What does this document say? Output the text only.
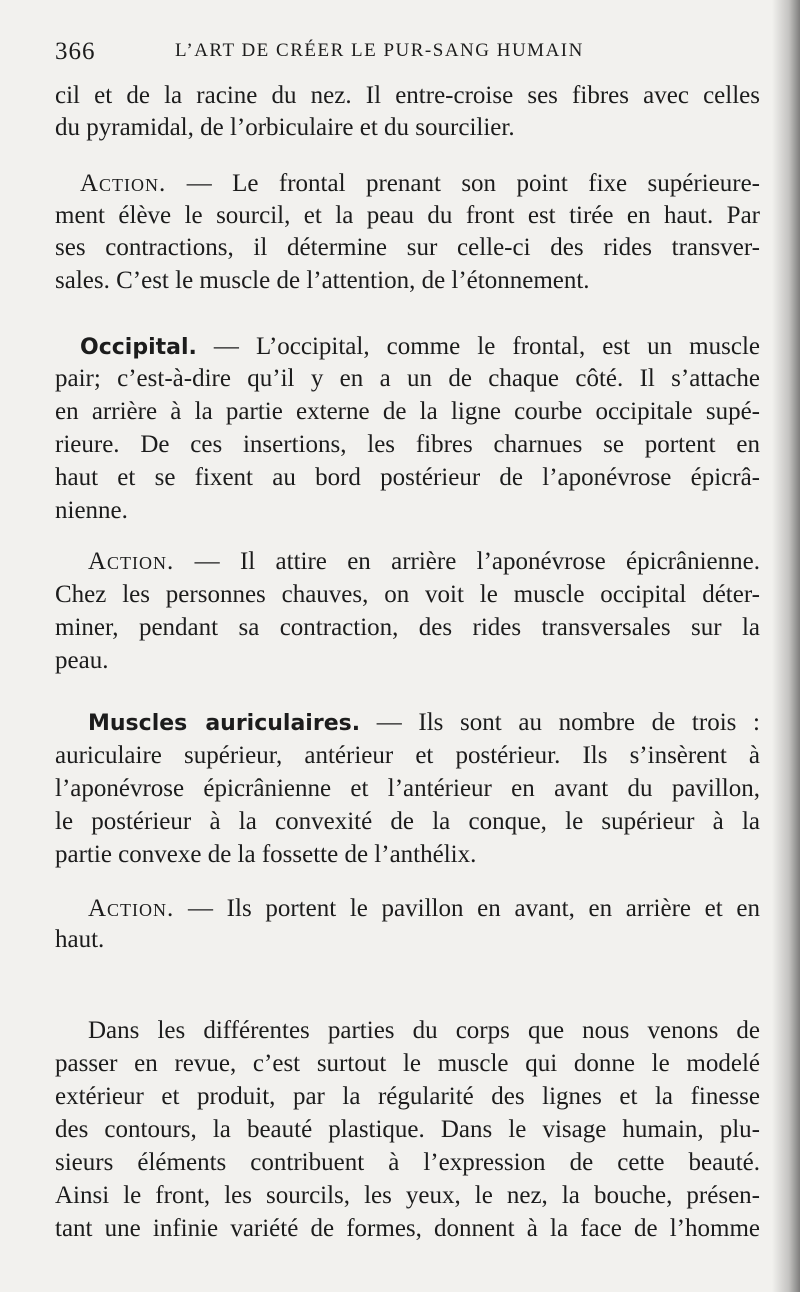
366	L’ART DE CRÉER LE PUR-SANG HUMAIN
cil et de la racine du nez. Il entre-croise ses fibres avec celles
du pyramidal, de l’orbiculaire et du sourcilier.
Action. — Le frontal prenant son point fixe supérieure-
ment élève le sourcil, et la peau du front est tirée en haut. Par
ses contractions, il détermine sur celle-ci des rides transver-
sales. C’est le muscle de l’attention, de l’étonnement.
Occipital. — L’occipital, comme le frontal, est un muscle
pair; c’est-à-dire qu’il y en a un de chaque côté. Il s’attache
en arrière à la partie externe de la ligne courbe occipitale supé-
rieure. De ces insertions, les fibres charnues se portent en
haut et se fixent au bord postérieur de l’aponévrose épicrâ-
nienne.
Action. — Il attire en arrière l’aponévrose épicrânienne.
Chez les personnes chauves, on voit le muscle occipital déter-
miner, pendant sa contraction, des rides transversales sur la
peau.
Muscles auriculaires. — Ils sont au nombre de trois :
auriculaire supérieur, antérieur et postérieur. Ils s’insèrent à
l’aponévrose épicrânienne et l’antérieur en avant du pavillon,
le postérieur à la convexité de la conque, le supérieur à la
partie convexe de la fossette de l’anthélix.
Action. — Ils portent le pavillon en avant, en arrière et en
haut.
Dans les différentes parties du corps que nous venons de
passer en revue, c’est surtout le muscle qui donne le modelé
extérieur et produit, par la régularité des lignes et la finesse
des contours, la beauté plastique. Dans le visage humain, plu-
sieurs éléments contribuent à l’expression de cette beauté.
Ainsi le front, les sourcils, les yeux, le nez, la bouche, présen-
tant une infinie variété de formes, donnent à la face de l’homme
